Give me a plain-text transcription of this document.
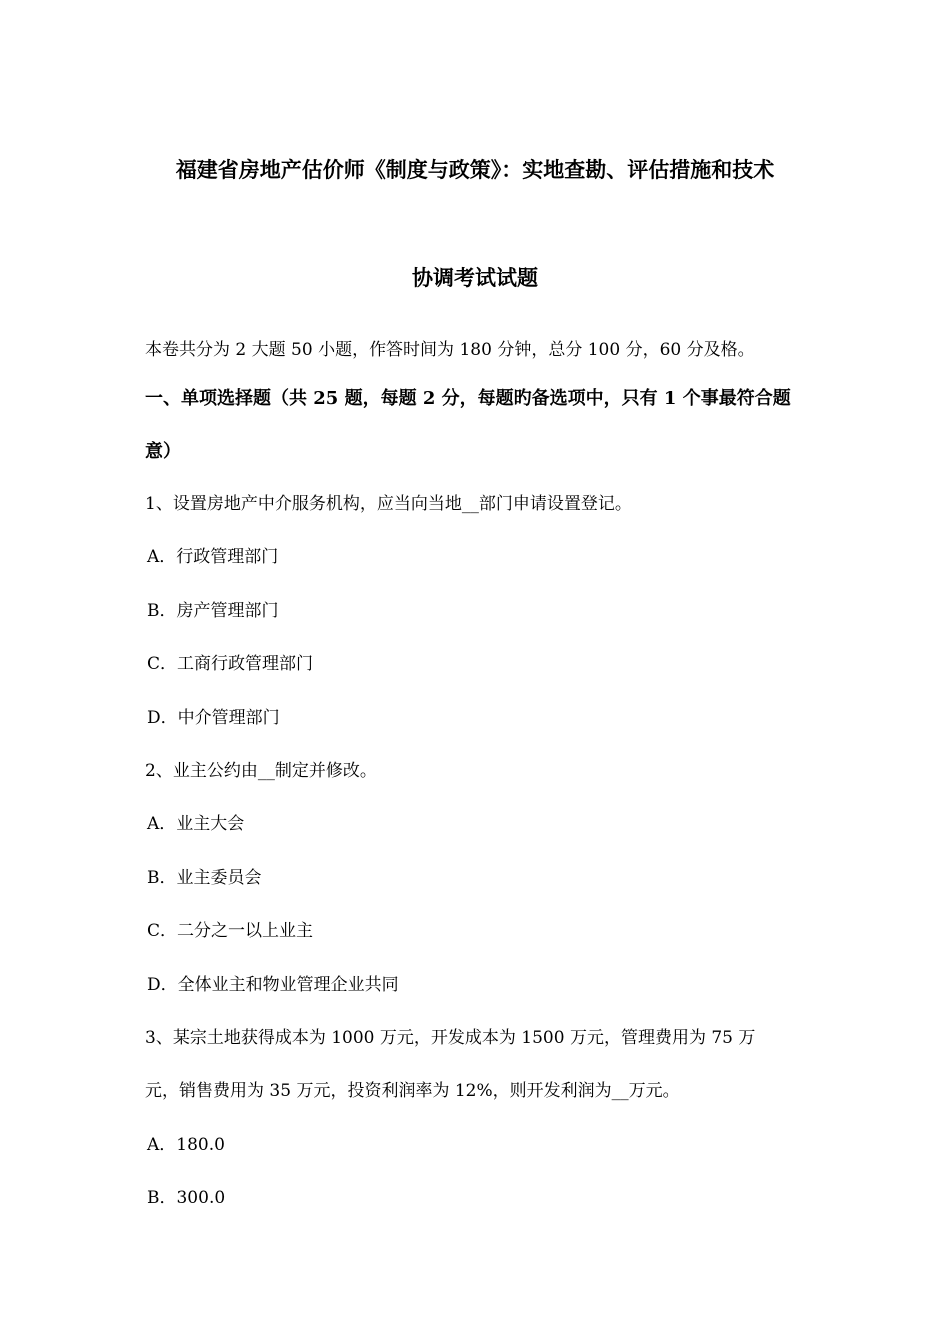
福建省房地产估价师《制度与政策》：实地查勘、评估措施和技术
协调考试试题
本卷共分为 2 大题 50 小题，作答时间为 180 分钟，总分 100 分，60 分及格。
一、单项选择题（共 25 题，每题 2 分，每题旳备选项中，只有 1 个事最符合题
意）
1、设置房地产中介服务机构，应当向当地__部门申请设置登记。
A．行政管理部门
B．房产管理部门
C．工商行政管理部门
D．中介管理部门
2、业主公约由__制定并修改。
A．业主大会
B．业主委员会
C．二分之一以上业主
D．全体业主和物业管理企业共同
3、某宗土地获得成本为 1000 万元，开发成本为 1500 万元，管理费用为 75 万
元，销售费用为 35 万元，投资利润率为 12%，则开发利润为__万元。
A．180.0
B．300.0
